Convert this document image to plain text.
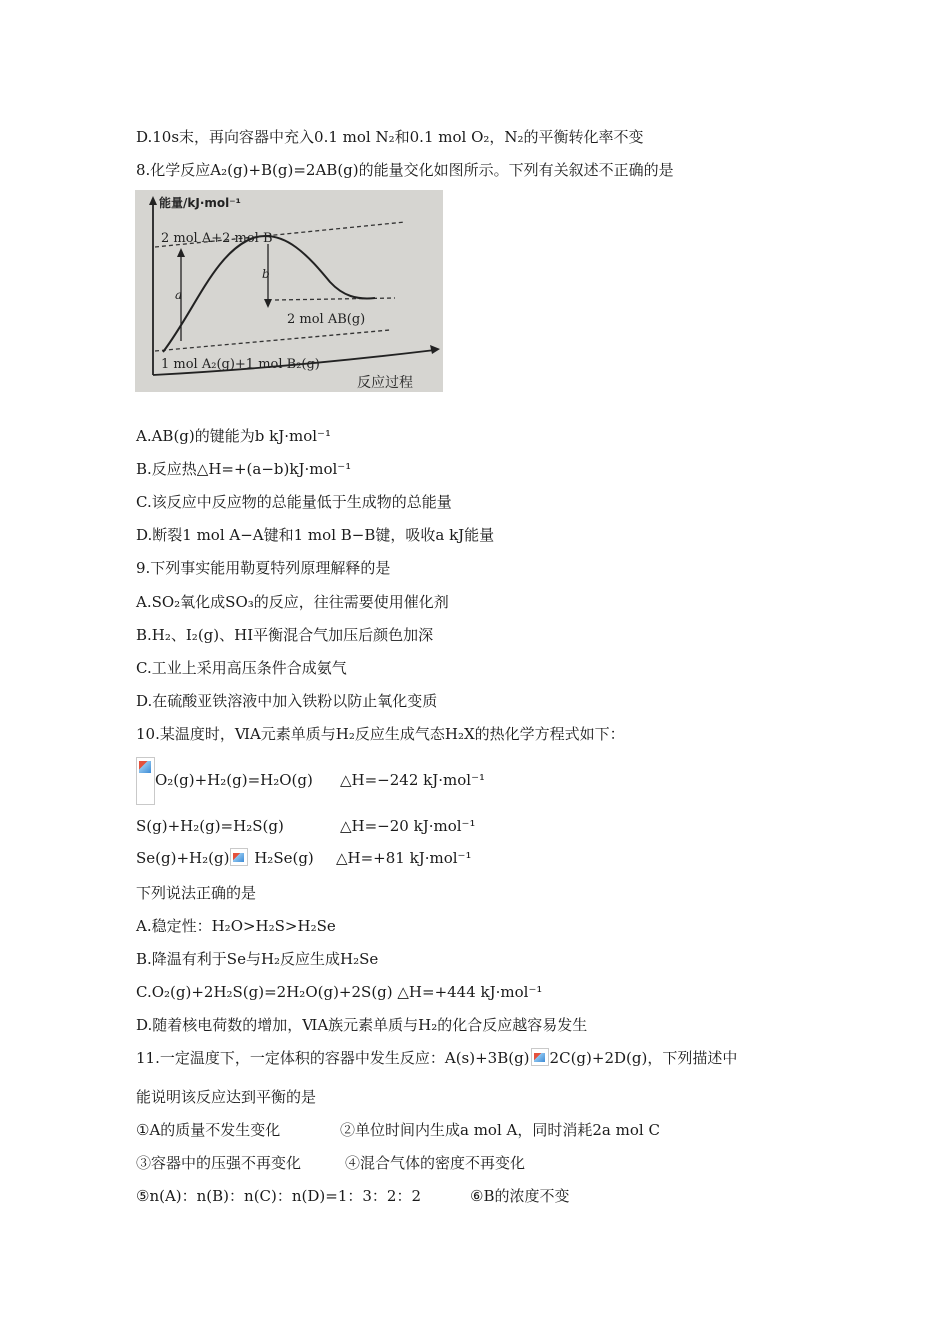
D.10s末，再向容器中充入0.1 mol N₂和0.1 mol O₂，N₂的平衡转化率不变
8.化学反应A₂(g)+B(g)=2AB(g)的能量交化如图所示。下列有关叙述不正确的是
能量/kJ·mol⁻¹
反应过程
a
b
2 mol A+2 mol B
2 mol AB(g)
1 mol A₂(g)+1 mol B₂(g)
A.AB(g)的键能为b kJ·mol⁻¹
B.反应热△H=+(a−b)kJ·mol⁻¹
C.该反应中反应物的总能量低于生成物的总能量
D.断裂1 mol A−A键和1 mol B−B键，吸收a kJ能量
9.下列事实能用勒夏特列原理解释的是
A.SO₂氧化成SO₃的反应，往往需要使用催化剂
B.H₂、I₂(g)、HI平衡混合气加压后颜色加深
C.工业上采用高压条件合成氨气
D.在硫酸亚铁溶液中加入铁粉以防止氧化变质
10.某温度时，ⅥA元素单质与H₂反应生成气态H₂X的热化学方程式如下：
O₂(g)+H₂(g)=H₂O(g) △H=−242 kJ·mol⁻¹
S(g)+H₂(g)=H₂S(g)	△H=−20 kJ·mol⁻¹
Se(g)+H₂(g) H₂Se(g) △H=+81 kJ·mol⁻¹
下列说法正确的是
A.稳定性：H₂O>H₂S>H₂Se
B.降温有利于Se与H₂反应生成H₂Se
C.O₂(g)+2H₂S(g)=2H₂O(g)+2S(g) △H=+444 kJ·mol⁻¹
D.随着核电荷数的增加，ⅥA族元素单质与H₂的化合反应越容易发生
11.一定温度下，一定体积的容器中发生反应：A(s)+3B(g) 2C(g)+2D(g)，下列描述中
能说明该反应达到平衡的是
①A的质量不发生变化	②单位时间内生成a mol A，同时消耗2a mol C
③容器中的压强不再变化	④混合气体的密度不再变化
⑤n(A)：n(B)：n(C)：n(D)=1：3：2：2	⑥B的浓度不变
